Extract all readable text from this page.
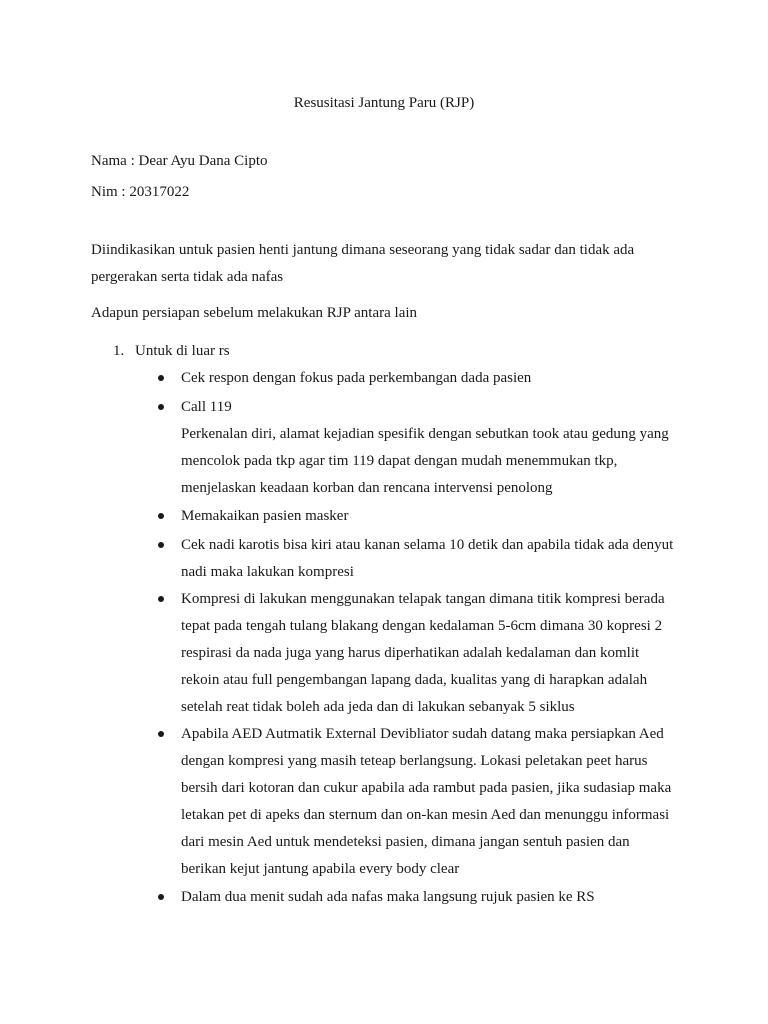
Resusitasi Jantung Paru (RJP)
Nama : Dear Ayu Dana Cipto
Nim : 20317022
Diindikasikan untuk pasien henti jantung dimana seseorang yang tidak sadar dan tidak ada
pergerakan serta tidak ada nafas
Adapun persiapan sebelum melakukan RJP antara lain
1. Untuk di luar rs
Cek respon dengan fokus pada perkembangan dada pasien
Call 119
Perkenalan diri, alamat kejadian spesifik dengan sebutkan took atau gedung yang
mencolok pada tkp agar tim 119 dapat dengan mudah menemmukan tkp,
menjelaskan keadaan korban dan rencana intervensi penolong
Memakaikan pasien masker
Cek nadi karotis bisa kiri atau kanan selama 10 detik dan apabila tidak ada denyut
nadi maka lakukan kompresi
Kompresi di lakukan menggunakan telapak tangan dimana titik kompresi berada
tepat pada tengah tulang blakang dengan kedalaman 5-6cm dimana 30 kopresi 2
respirasi da nada juga yang harus diperhatikan adalah kedalaman dan komlit
rekoin atau full pengembangan lapang dada, kualitas yang di harapkan adalah
setelah reat tidak boleh ada jeda dan di lakukan sebanyak 5 siklus
Apabila AED Autmatik External Devibliator sudah datang maka persiapkan Aed
dengan kompresi yang masih teteap berlangsung. Lokasi peletakan peet harus
bersih dari kotoran dan cukur apabila ada rambut pada pasien, jika sudasiap maka
letakan pet di apeks dan sternum dan on-kan mesin Aed dan menunggu informasi
dari mesin Aed untuk mendeteksi pasien, dimana jangan sentuh pasien dan
berikan kejut jantung apabila every body clear
Dalam dua menit sudah ada nafas maka langsung rujuk pasien ke RS
